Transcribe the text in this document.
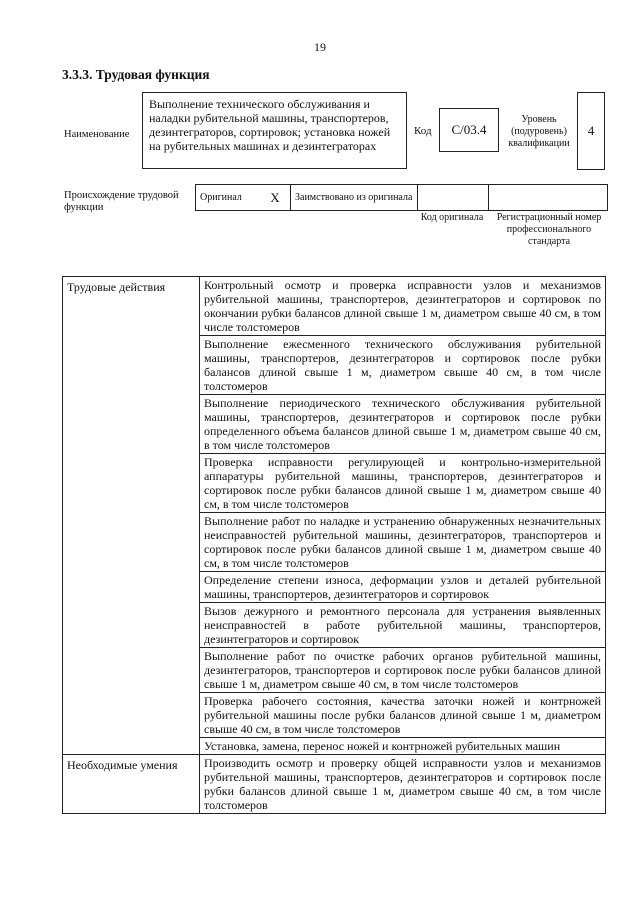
19
3.3.3. Трудовая функция
Наименование
Выполнение технического обслуживания и наладки рубительной машины, транспортеров, дезинтеграторов, сортировок; установка ножей на рубительных машинах и дезинтеграторах
Код	C/03.4
Уровень (подуровень) квалификации
4
Происхождение трудовой функции
Оригинал	X	Заимствовано из оригинала		
Код оригинала Регистрационный номер профессионального стандарта
Трудовые действия	Контрольный осмотр и проверка исправности узлов и механизмов рубительной машины, транспортеров, дезинтеграторов и сортировок по окончании рубки балансов длиной свыше 1 м, диаметром свыше 40 см, в том числе толстомеров
	Выполнение ежесменного технического обслуживания рубительной машины, транспортеров, дезинтеграторов и сортировок после рубки балансов длиной свыше 1 м, диаметром свыше 40 см, в том числе толстомеров
	Выполнение периодического технического обслуживания рубительной машины, транспортеров, дезинтеграторов и сортировок после рубки определенного объема балансов длиной свыше 1 м, диаметром свыше 40 см, в том числе толстомеров
	Проверка исправности регулирующей и контрольно-измерительной аппаратуры рубительной машины, транспортеров, дезинтеграторов и сортировок после рубки балансов длиной свыше 1 м, диаметром свыше 40 см, в том числе толстомеров
	Выполнение работ по наладке и устранению обнаруженных незначительных неисправностей рубительной машины, дезинтеграторов, транспортеров и сортировок после рубки балансов длиной свыше 1 м, диаметром свыше 40 см, в том числе толстомеров
	Определение степени износа, деформации узлов и деталей рубительной машины, транспортеров, дезинтеграторов и сортировок
	Вызов дежурного и ремонтного персонала для устранения выявленных неисправностей в работе рубительной машины, транспортеров, дезинтеграторов и сортировок
	Выполнение работ по очистке рабочих органов рубительной машины, дезинтеграторов, транспортеров и сортировок после рубки балансов длиной свыше 1 м, диаметром свыше 40 см, в том числе толстомеров
	Проверка рабочего состояния, качества заточки ножей и контрножей рубительной машины после рубки балансов длиной свыше 1 м, диаметром свыше 40 см, в том числе толстомеров
	Установка, замена, перенос ножей и контрножей рубительных машин
Необходимые умения	Производить осмотр и проверку общей исправности узлов и механизмов рубительной машины, транспортеров, дезинтеграторов и сортировок после рубки балансов длиной свыше 1 м, диаметром свыше 40 см, в том числе толстомеров
